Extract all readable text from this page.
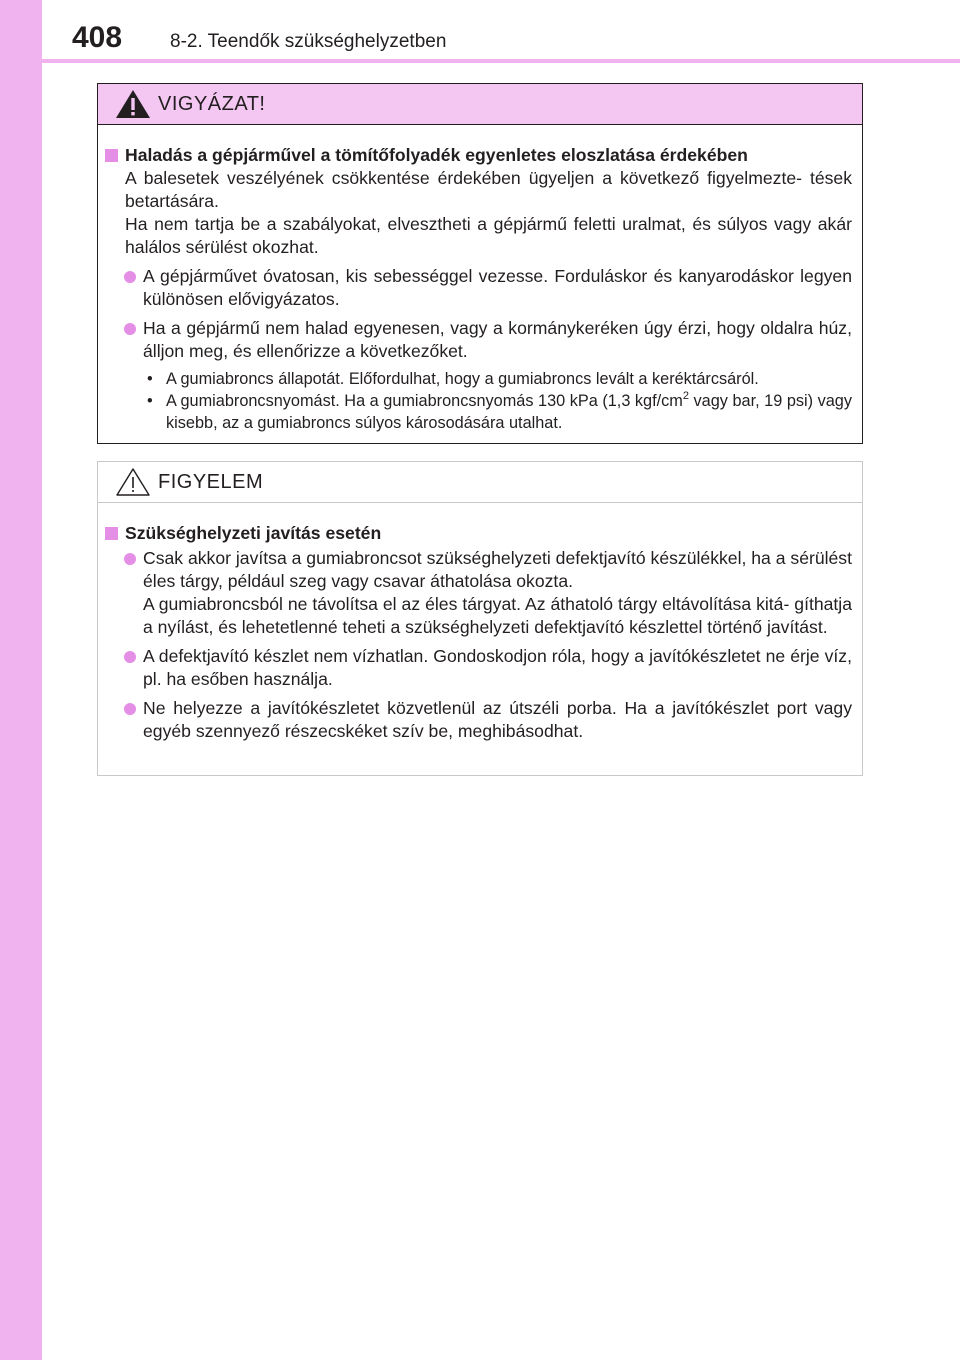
408	8-2. Teendők szükséghelyzetben
VIGYÁZAT!
Haladás a gépjárművel a tömítőfolyadék egyenletes eloszlatása érdekében

A balesetek veszélyének csökkentése érdekében ügyeljen a következő figyelmezte- tések betartására.

Ha nem tartja be a szabályokat, elvesztheti a gépjármű feletti uralmat, és súlyos vagy akár halálos sérülést okozhat.

A gépjárművet óvatosan, kis sebességgel vezesse. Forduláskor és kanyarodáskor legyen különösen elővigyázatos.

Ha a gépjármű nem halad egyenesen, vagy a kormánykeréken úgy érzi, hogy oldalra húz, álljon meg, és ellenőrizze a következőket.

• A gumiabroncs állapotát. Előfordulhat, hogy a gumiabroncs levált a keréktárcsáról.
• A gumiabroncsnyomást. Ha a gumiabroncsnyomás 130 kPa (1,3 kgf/$cm^2$ vagy bar, 19 psi) vagy kisebb, az a gumiabroncs súlyos károsodására utalhat.
FIGYELEM
Szükséghelyzeti javítás esetén

Csak akkor javítsa a gumiabroncsot szükséghelyzeti defektjavító készülékkel, ha a sérülést éles tárgy, például szeg vagy csavar áthatolása okozta.

A gumiabroncsból ne távolítsa el az éles tárgyat. Az áthatoló tárgy eltávolítása kitá- gíthatja a nyílást, és lehetetlenné teheti a szükséghelyzeti defektjavító készlettel történő javítást.

A defektjavító készlet nem vízhatlan. Gondoskodjon róla, hogy a javítókészletet ne érje víz, pl. ha esőben használja.

Ne helyezze a javítókészletet közvetlenül az útszéli porba. Ha a javítókészlet port vagy egyéb szennyező részecskéket szív be, meghibásodhat.
